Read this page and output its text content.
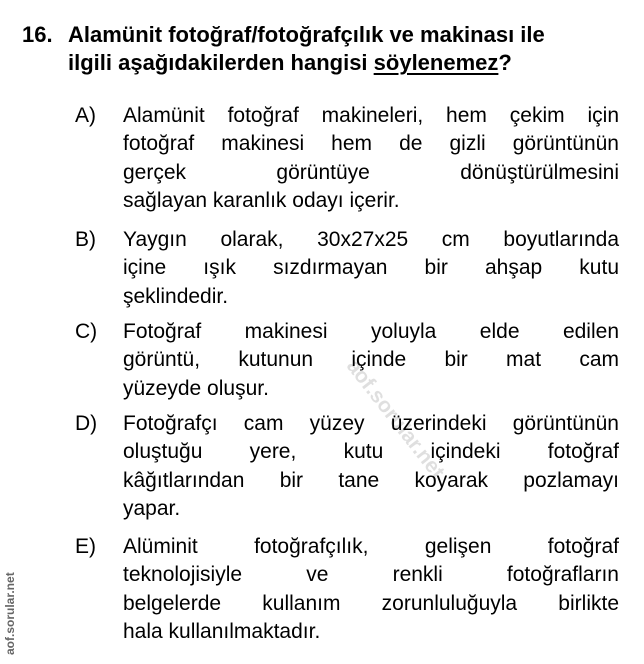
16. Alamünit fotoğraf/fotoğrafçılık ve makinası ile
ilgili aşağıdakilerden hangisi söylenemez?
A) Alamünit fotoğraf makineleri, hem çekim için
fotoğraf makinesi hem de gizli görüntünün
gerçek görüntüye dönüştürülmesini
sağlayan karanlık odayı içerir.
B) Yaygın olarak, 30x27x25 cm boyutlarında
içine ışık sızdırmayan bir ahşap kutu
şeklindedir.
C) Fotoğraf makinesi yoluyla elde edilen
görüntü, kutunun içinde bir mat cam
yüzeyde oluşur.
D) Fotoğrafçı cam yüzey üzerindeki görüntünün
oluştuğu yere, kutu içindeki fotoğraf
kâğıtlarından bir tane koyarak pozlamayı
yapar.
E) Alüminit fotoğrafçılık, gelişen fotoğraf
teknolojisiyle ve renkli fotoğrafların
belgelerde kullanım zorunluluğuyla birlikte
hala kullanılmaktadır.
aof.sorular.net
aof.sorular.net
